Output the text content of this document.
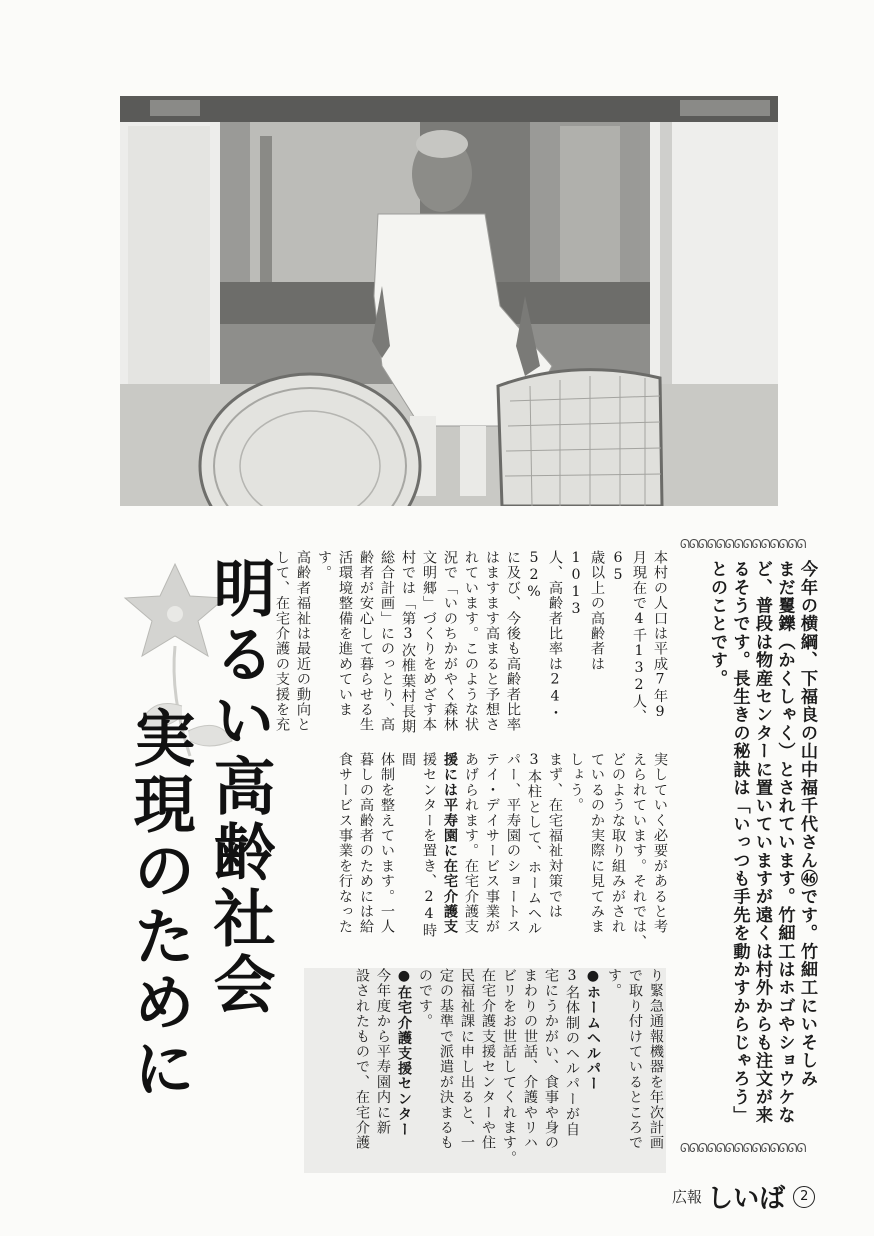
明るい高齢社会
実現のために
本村の人口は平成7年9
月現在で4千132人、65
歳以上の高齢者は1013
人、高齢者比率は24・52%
に及び、今後も高齢者比率
はますます高まると予想さ
れています。このような状
況で「いのちかがやく森林
文明郷」づくりをめざす本
村では「第3次椎葉村長期
総合計画」にのっとり、高
齢者が安心して暮らせる生
活環境整備を進めています。
高齢者福祉は最近の動向と
して、在宅介護の支援を充
実していく必要があると考
えられています。それでは、
どのような取り組みがされ
ているのか実際に見てみま
しょう。
まず、在宅福祉対策では
3本柱として、ホームヘル
パー、平寿園のショートス
テイ・デイサービス事業が
あげられます。在宅介護支
援には平寿園に在宅介護支
援センターを置き、24時間
体制を整えています。一人
暮しの高齢者のためには給
食サービス事業を行なった
り緊急通報機器を年次計画
で取り付けているところで
す。
●ホームヘルパー
3名体制のヘルパーが自
宅にうかがい、食事や身の
まわりの世話、介護やリハ
ビリをお世話してくれます。
在宅介護支援センターや住
民福祉課に申し出ると、一
定の基準で派遣が決まるも
のです。
●在宅介護支援センター
今年度から平寿園内に新
設されたもので、在宅介護
ᘏᘏᘏᘏᘏᘏᘏᘏᘏᘏᘏᘏᘏᘏ
ᘏᘏᘏᘏᘏᘏᘏᘏᘏᘏᘏᘏᘏᘏ
今年の横綱、下福良の山中福千代さん㊻です。竹細工にいそしみ
まだ矍鑠（かくしゃく）とされています。竹細工はホゴやショウケな
ど、普段は物産センターに置いていますが遠くは村外からも注文が来
るそうです。長生きの秘訣は「いっつも手先を動かすからじゃろう」
とのことです。
広報 しいば 2
